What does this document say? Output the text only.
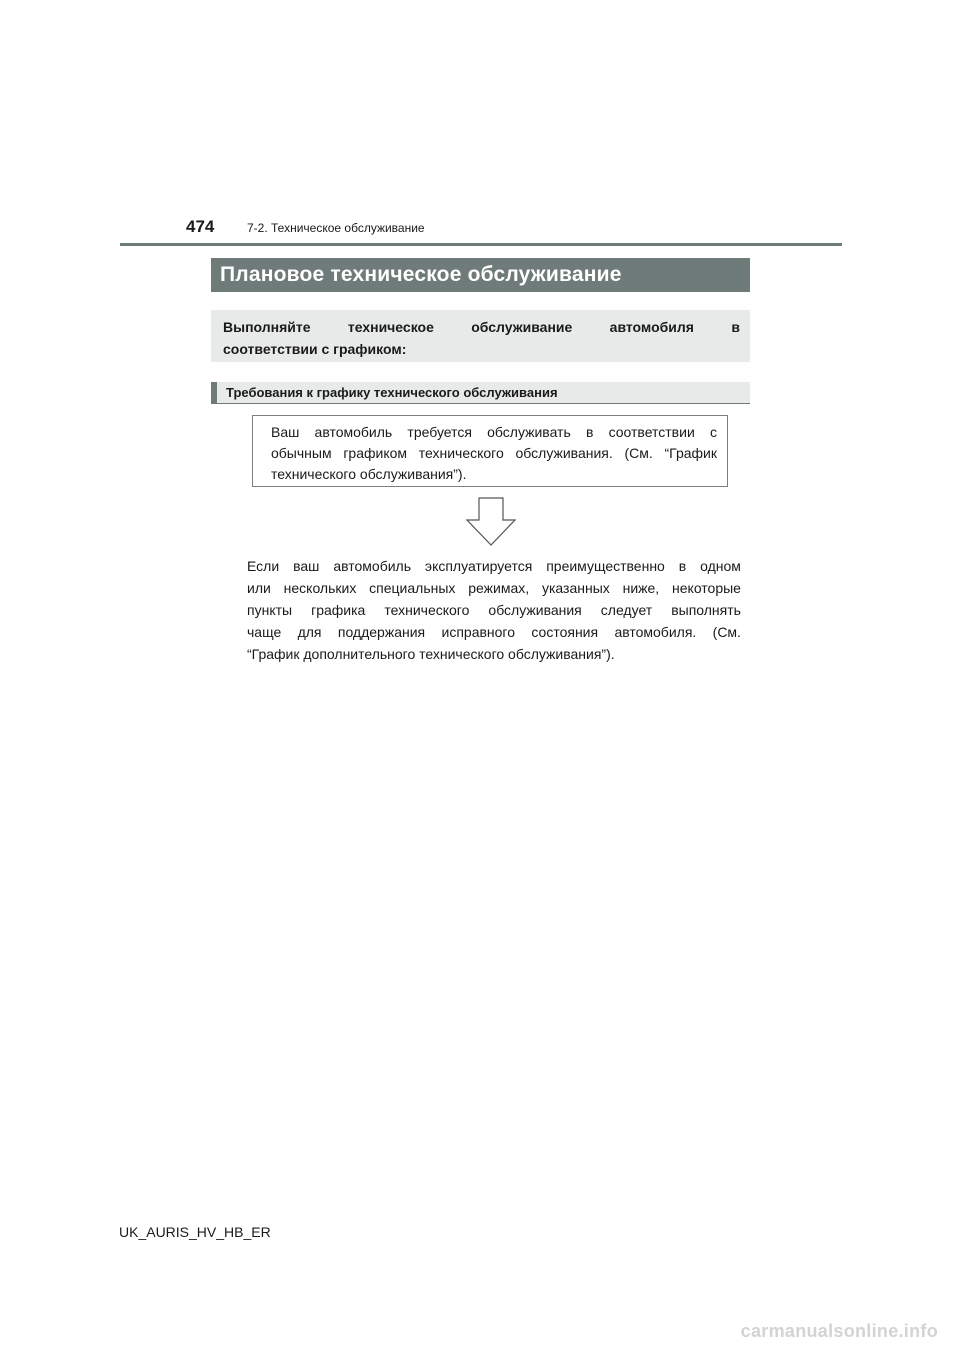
474	7-2. Техническое обслуживание
Плановое техническое обслуживание
Выполняйте	техническое	обслуживание	автомобиля	в
соответствии с графиком:
Требования к графику технического обслуживания
Ваш автомобиль требуется обслуживать в соответствии с
обычным графиком технического обслуживания. (См. “График
технического обслуживания”).
Если ваш автомобиль эксплуатируется преимущественно в одном
или нескольких специальных режимах, указанных ниже, некоторые
пункты графика технического обслуживания следует выполнять
чаще для поддержания исправного состояния автомобиля. (См.
“График дополнительного технического обслуживания”).
UK_AURIS_HV_HB_ER
carmanualsonline.info
